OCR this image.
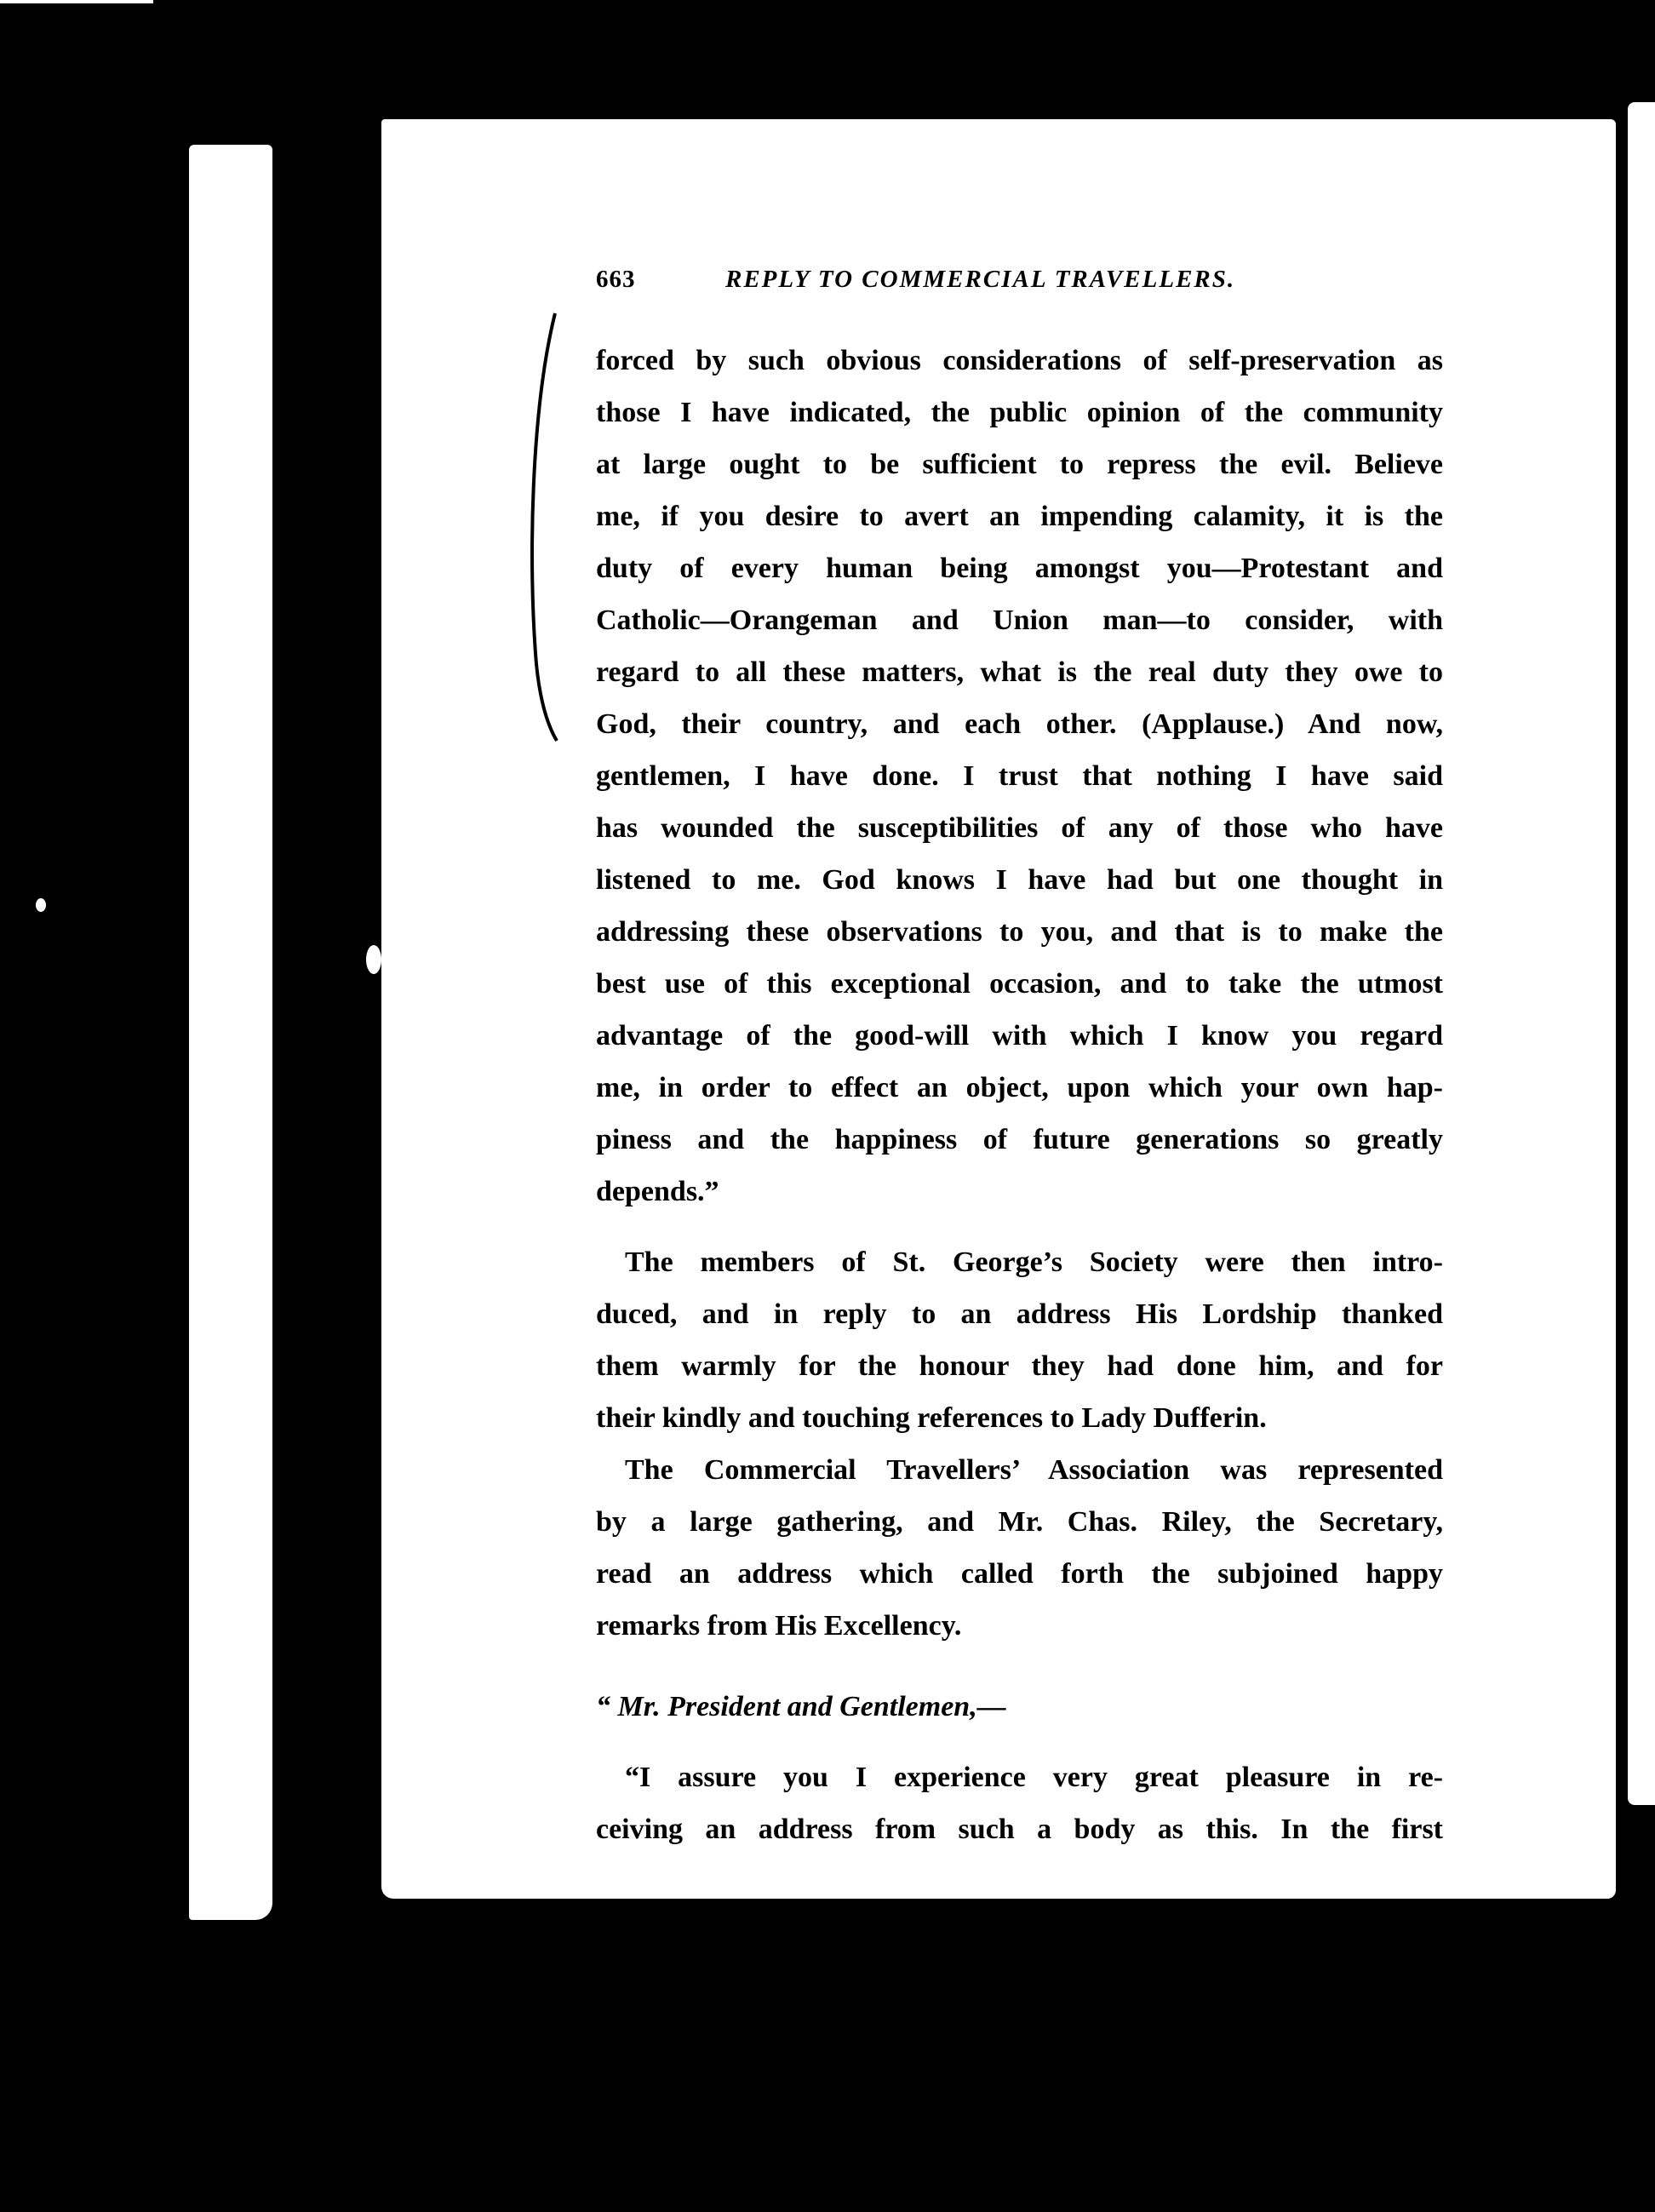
663	REPLY TO COMMERCIAL TRAVELLERS.
forced by such obvious considerations of self-preservation as
those I have indicated, the public opinion of the community
at large ought to be sufficient to repress the evil. Believe
me, if you desire to avert an impending calamity, it is the
duty of every human being amongst you—Protestant and
Catholic—Orangeman and Union man—to consider, with
regard to all these matters, what is the real duty they owe to
God, their country, and each other. (Applause.) And now,
gentlemen, I have done. I trust that nothing I have said
has wounded the susceptibilities of any of those who have
listened to me. God knows I have had but one thought in
addressing these observations to you, and that is to make the
best use of this exceptional occasion, and to take the utmost
advantage of the good-will with which I know you regard
me, in order to effect an object, upon which your own hap-
piness and the happiness of future generations so greatly
depends.”
The members of St. George’s Society were then intro-
duced, and in reply to an address His Lordship thanked
them warmly for the honour they had done him, and for
their kindly and touching references to Lady Dufferin.
The Commercial Travellers’ Association was represented
by a large gathering, and Mr. Chas. Riley, the Secretary,
read an address which called forth the subjoined happy
remarks from His Excellency.
“ Mr. President and Gentlemen,—
“I assure you I experience very great pleasure in re-
ceiving an address from such a body as this. In the first
